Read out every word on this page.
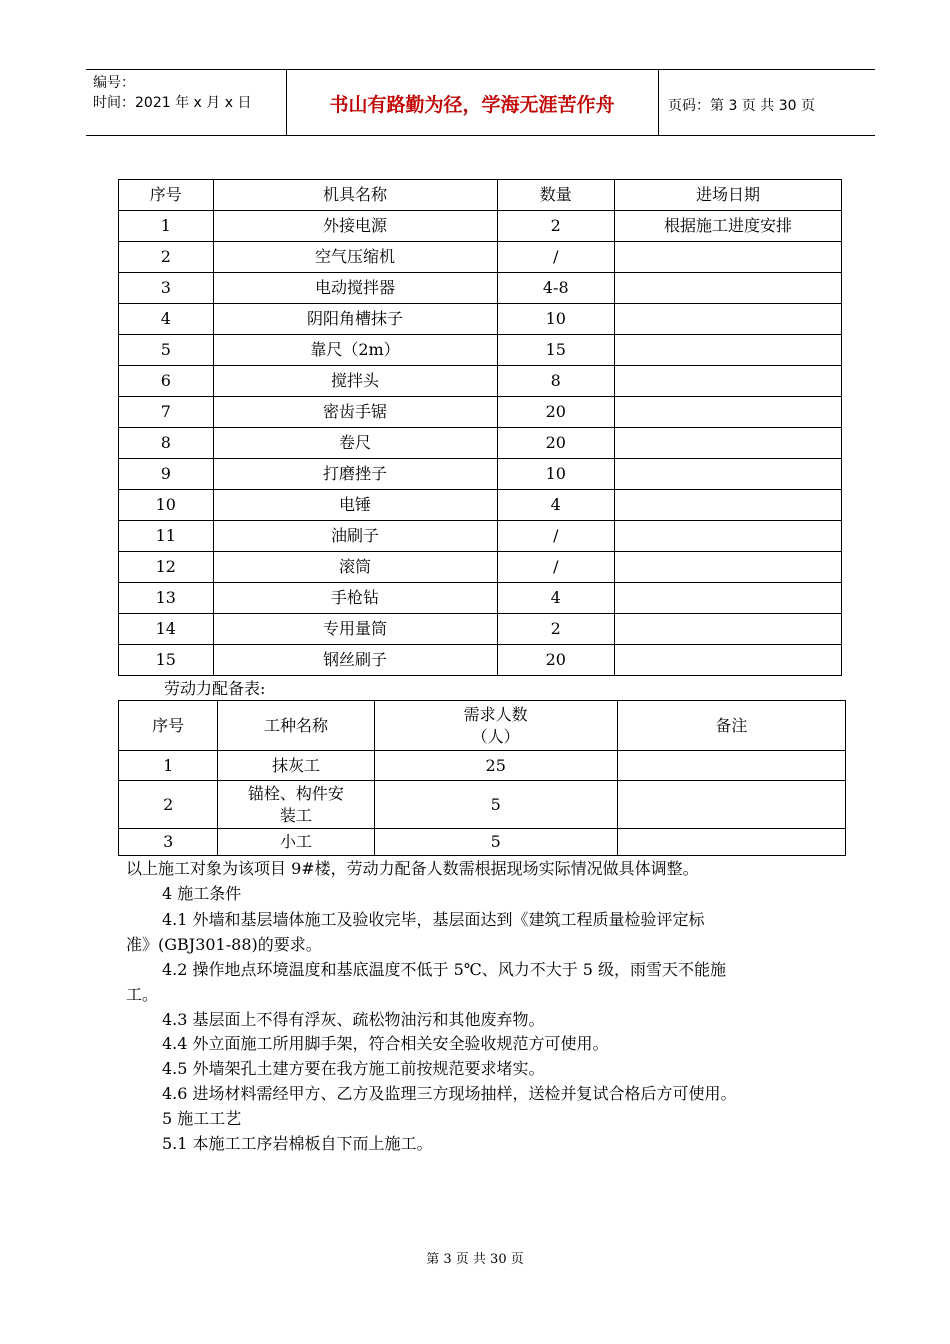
编号：
时间：2021 年 x 月 x 日	书山有路勤为径，学海无涯苦作舟	页码：第 3 页 共 30 页
序号	机具名称	数量	进场日期
1	外接电源	2	根据施工进度安排
2	空气压缩机	/	
3	电动搅拌器	4-8	
4	阴阳角槽抹子	10	
5	靠尺（2m）	15	
6	搅拌头	8	
7	密齿手锯	20	
8	卷尺	20	
9	打磨挫子	10	
10	电锤	4	
11	油刷子	/	
12	滚筒	/	
13	手枪钻	4	
14	专用量筒	2	
15	钢丝刷子	20	
劳动力配备表:
序号	工种名称	需求人数（人）	备注
1	抹灰工	25	
2	锚栓、构件安装工	5	
3	小工	5	
以上施工对象为该项目 9#楼，劳动力配备人数需根据现场实际情况做具体调整。
4 施工条件
4.1 外墙和基层墙体施工及验收完毕，基层面达到《建筑工程质量检验评定标
准》(GBJ301-88)的要求。
4.2 操作地点环境温度和基底温度不低于 5℃、风力不大于 5 级，雨雪天不能施
工。
4.3 基层面上不得有浮灰、疏松物油污和其他废弃物。
4.4 外立面施工所用脚手架，符合相关安全验收规范方可使用。
4.5 外墙架孔土建方要在我方施工前按规范要求堵实。
4.6 进场材料需经甲方、乙方及监理三方现场抽样，送检并复试合格后方可使用。
5 施工工艺
5.1 本施工工序岩棉板自下而上施工。
第 3 页 共 30 页
